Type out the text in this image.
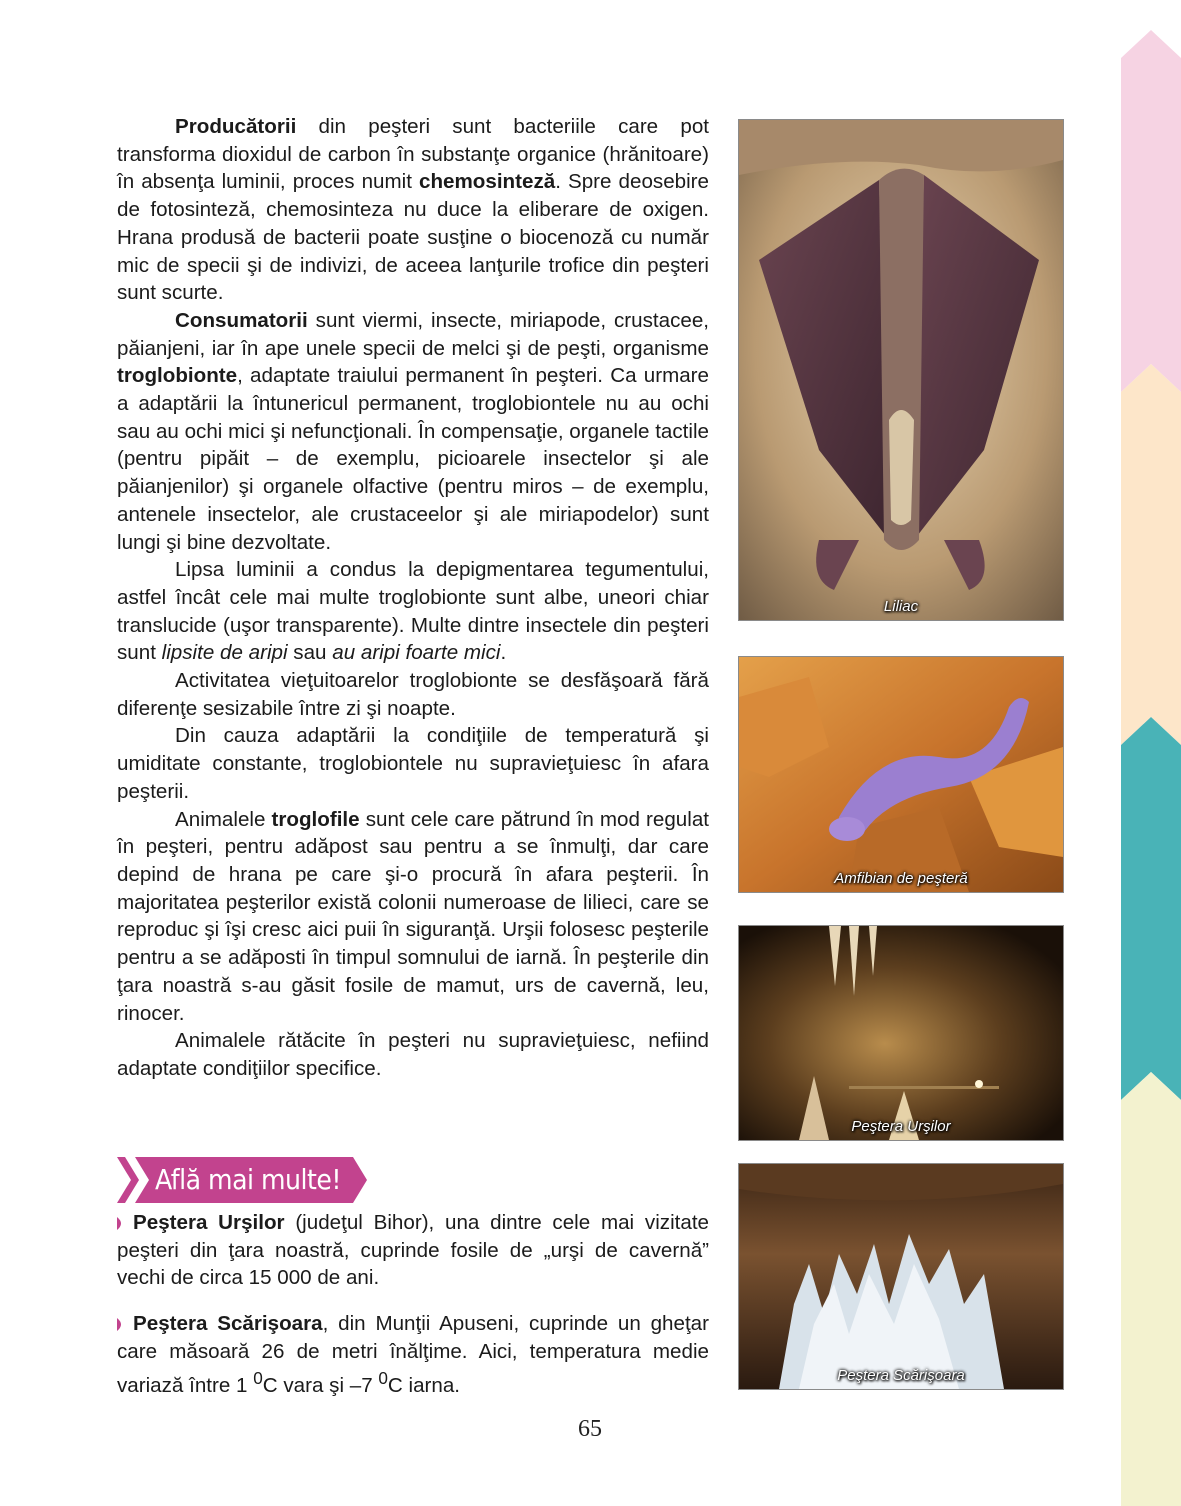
Producătorii din peşteri sunt bacteriile care pot transforma dioxidul de carbon în substanţe organice (hrănitoare) în absenţa luminii, proces numit chemosinteză. Spre deosebire de fotosinteză, chemosinteza nu duce la eliberare de oxigen. Hrana produsă de bacterii poate susţine o biocenoză cu număr mic de specii şi de indivizi, de aceea lanţurile trofice din peşteri sunt scurte.

Consumatorii sunt viermi, insecte, miriapode, crustacee, păianjeni, iar în ape unele specii de melci şi de peşti, organisme troglobionte, adaptate traiului permanent în peşteri. Ca urmare a adaptării la întunericul permanent, troglobiontele nu au ochi sau au ochi mici şi nefuncţionali. În compensaţie, organele tactile (pentru pipăit – de exemplu, picioarele insectelor şi ale păianjenilor) şi organele olfactive (pentru miros – de exemplu, antenele insectelor, ale crustaceelor şi ale miriapodelor) sunt lungi şi bine dezvoltate.

Lipsa luminii a condus la depigmentarea tegumentului, astfel încât cele mai multe troglobionte sunt albe, uneori chiar translucide (uşor transparente). Multe dintre insectele din peşteri sunt lipsite de aripi sau au aripi foarte mici.

Activitatea vieţuitoarelor troglobionte se desfăşoară fără diferenţe sesizabile între zi şi noapte.

Din cauza adaptării la condiţiile de temperatură şi umiditate constante, troglobiontele nu supravieţuiesc în afara peşterii.

Animalele troglofile sunt cele care pătrund în mod regulat în peşteri, pentru adăpost sau pentru a se înmulţi, dar care depind de hrana pe care şi-o procură în afara peşterii. În majoritatea peşterilor există colonii numeroase de lilieci, care se reproduc şi îşi cresc aici puii în siguranţă. Urşii folosesc peşterile pentru a se adăposti în timpul somnului de iarnă. În peşterile din ţara noastră s-au găsit fosile de mamut, urs de cavernă, leu, rinocer.

Animalele rătăcite în peşteri nu supravieţuiesc, nefiind adaptate condiţiilor specifice.

Află mai multe!

Peştera Urşilor (judeţul Bihor), una dintre cele mai vizitate peşteri din ţara noastră, cuprinde fosile de „urşi de cavernă” vechi de circa 15 000 de ani.

Peştera Scărişoara, din Munţii Apuseni, cuprinde un gheţar care măsoară 26 de metri înălţime. Aici, temperatura medie variază între 1 $^0$C vara şi –7 $^0$C iarna.

Liliac
Amfibian de peşteră
Peştera Urşilor
Peştera Scărişoara
65
